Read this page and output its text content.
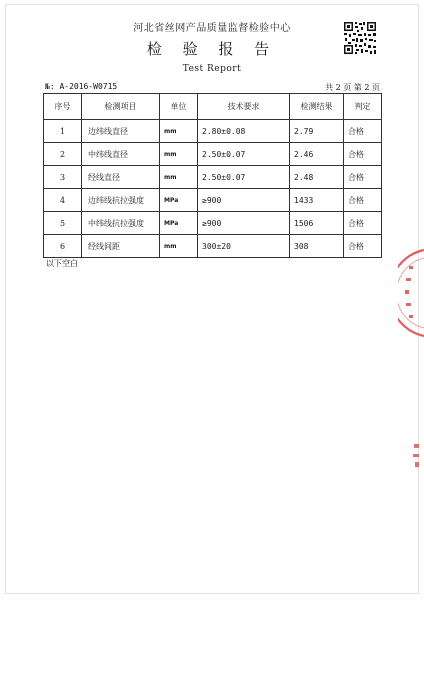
河北省丝网产品质量监督检验中心
检 验 报 告
Test Report
№: A-2016-W0715	共 2 页 第 2 页
序号	检测项目	单位	技术要求	检测结果	判定
1	边纬线直径	mm	2.80±0.08	2.79	合格
2	中纬线直径	mm	2.50±0.07	2.46	合格
3	经线直径	mm	2.50±0.07	2.48	合格
4	边纬线抗拉强度	MPa	≥900	1433	合格
5	中纬线抗拉强度	MPa	≥900	1506	合格
6	经线间距	mm	300±20	308	合格
以下空白
